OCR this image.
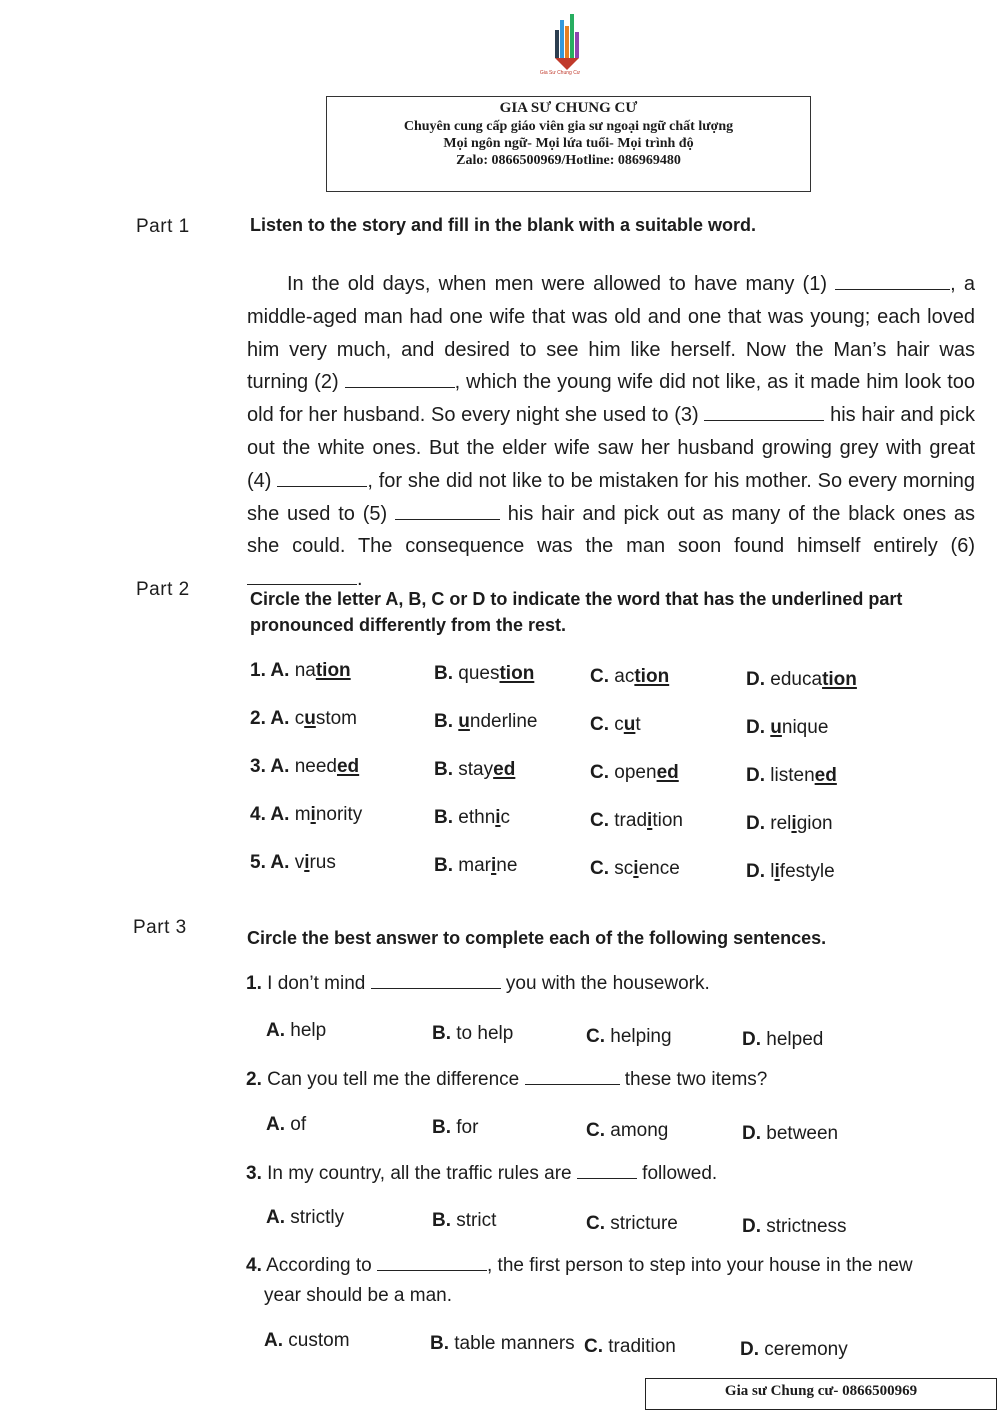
Gia Sư Chung Cư
GIA SƯ CHUNG CƯ
Chuyên cung cấp giáo viên gia sư ngoại ngữ chất lượng
Mọi ngôn ngữ- Mọi lứa tuổi- Mọi trình độ
Zalo: 0866500969/Hotline: 086969480
Part 1	Listen to the story and fill in the blank with a suitable word.
In the old days, when men were allowed to have many (1)	, a middle-aged man had one wife that was old and one that was young; each loved him very much, and desired to see him like herself. Now the Man’s hair was turning (2)	, which the young wife did not like, as it made him look too old for her husband. So every night she used to (3)	his hair and pick out the white ones. But the elder wife saw her husband growing grey with great (4)	, for she did not like to be mistaken for his mother. So every morning she used to (5)	his hair and pick out as many of the black ones as she could. The consequence was the man soon found himself entirely (6) .
Part 2	Circle the letter A, B, C or D to indicate the word that has the underlined part pronounced differently from the rest.
1. A. nation	B. question	C. action	D. education
2. A. custom	B. underline	C. cut	D. unique
3. A. needed	B. stayed	C. opened	D. listened
4. A. minority	B. ethnic	C. tradition	D. religion
5. A. virus	B. marine	C. science	D. lifestyle
Part 3	Circle the best answer to complete each of the following sentences.
1. I don’t mind	you with the housework.
A. help	B. to help	C. helping	D. helped
2. Can you tell me the difference	these two items?
A. of	B. for	C. among	D. between
3. In my country, all the traffic rules are	followed.
A. strictly	B. strict	C. stricture	D. strictness
4. According to	, the first person to step into your house in the new
year should be a man.
A. custom	B. table manners C. tradition	D. ceremony
Gia sư Chung cư- 0866500969
